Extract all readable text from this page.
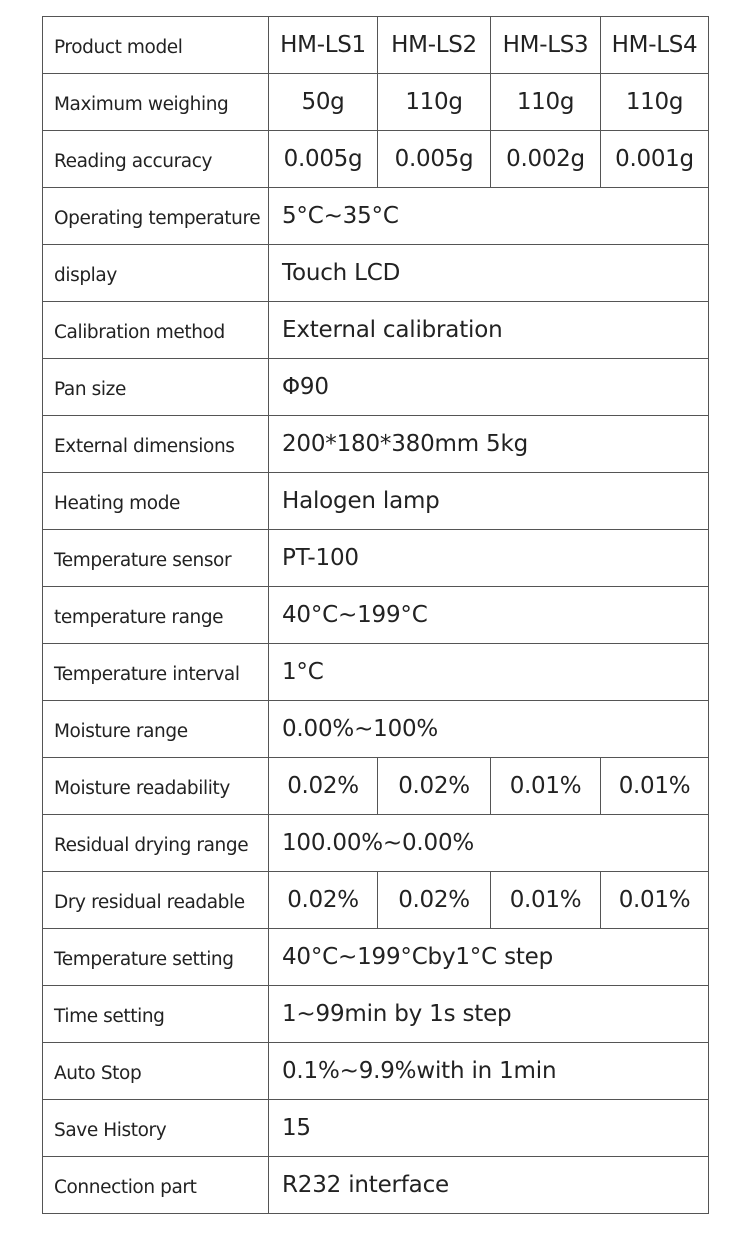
Product model	HM-LS1	HM-LS2	HM-LS3	HM-LS4
Maximum weighing	50g	110g	110g	110g
Reading accuracy	0.005g	0.005g	0.002g	0.001g
Operating temperature	5°C~35°C			
display	Touch LCD			
Calibration method	External calibration			
Pan size	Φ90			
External dimensions	200*180*380mm 5kg			
Heating mode	Halogen lamp			
Temperature sensor	PT-100			
temperature range	40°C~199°C			
Temperature interval	1°C			
Moisture range	0.00%~100%			
Moisture readability	0.02%	0.02%	0.01%	0.01%
Residual drying range	100.00%~0.00%			
Dry residual readable	0.02%	0.02%	0.01%	0.01%
Temperature setting	40°C~199°Cby1°C step			
Time setting	1~99min by 1s step			
Auto Stop	0.1%~9.9%with in 1min			
Save History	15			
Connection part	R232 interface			
